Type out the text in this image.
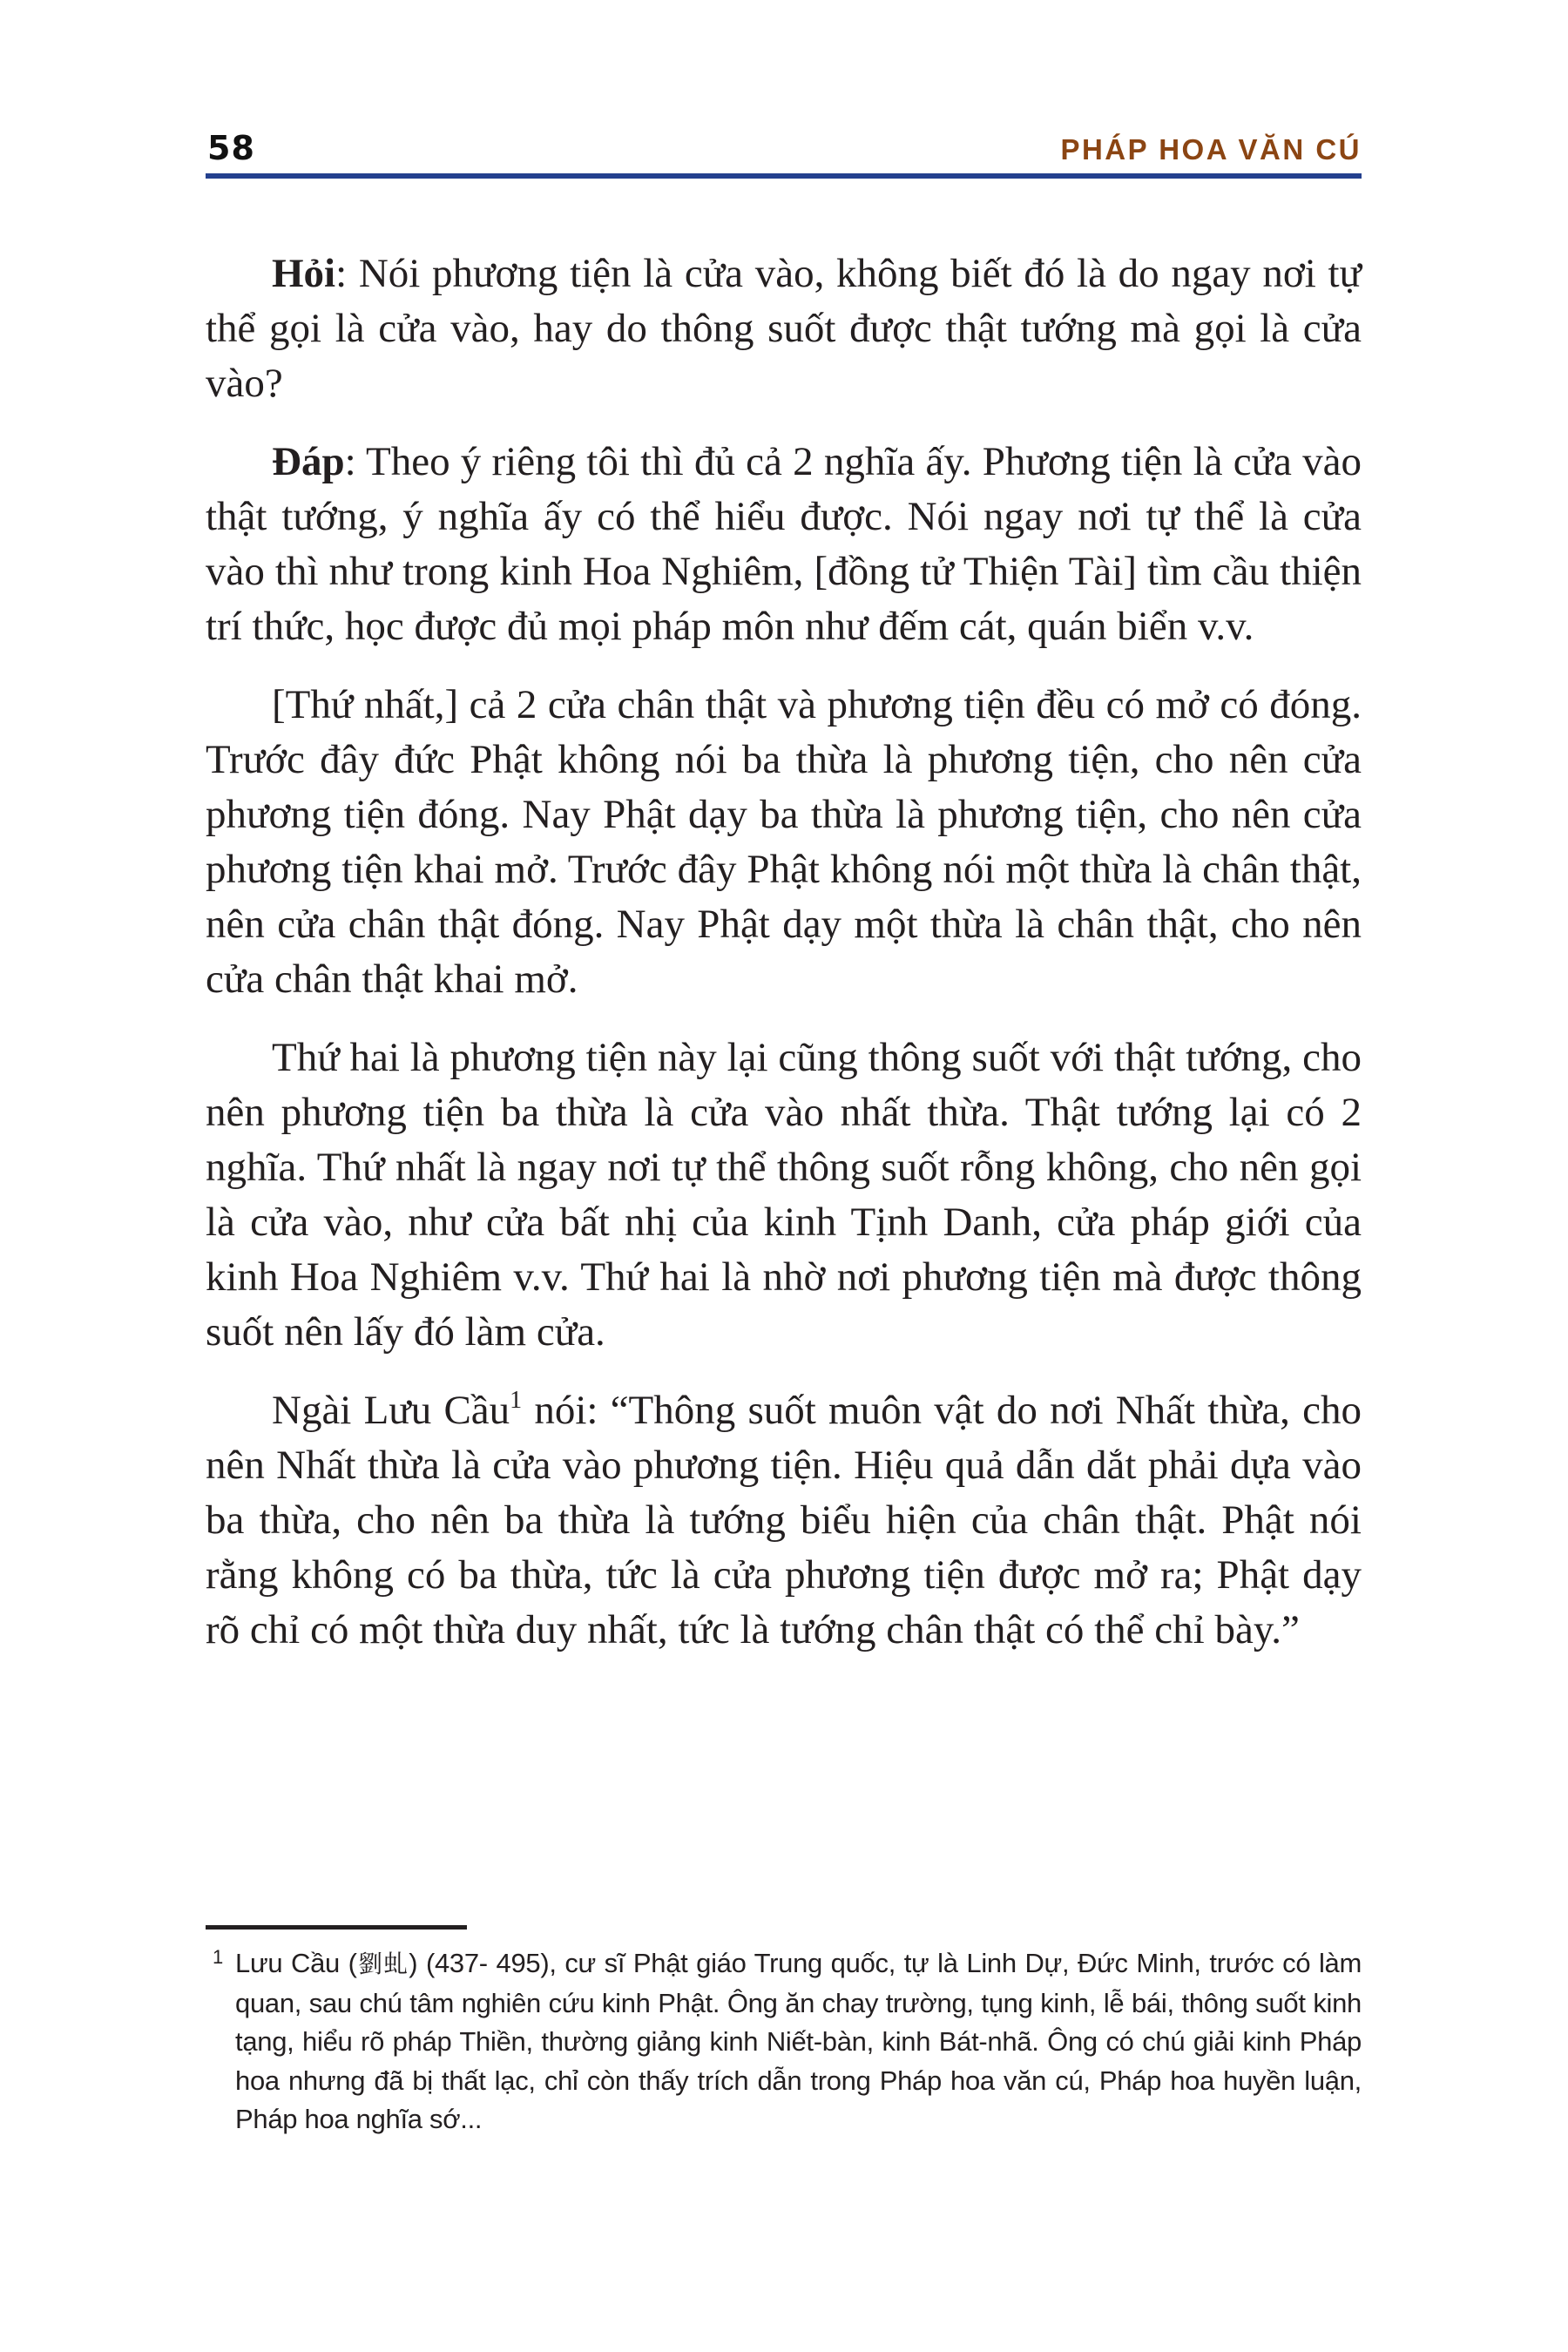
58	PHÁP HOA VĂN CÚ

Hỏi: Nói phương tiện là cửa vào, không biết đó là do ngay nơi tự thể gọi là cửa vào, hay do thông suốt được thật tướng mà gọi là cửa vào?

Đáp: Theo ý riêng tôi thì đủ cả 2 nghĩa ấy. Phương tiện là cửa vào thật tướng, ý nghĩa ấy có thể hiểu được. Nói ngay nơi tự thể là cửa vào thì như trong kinh Hoa Nghiêm, [đồng tử Thiện Tài] tìm cầu thiện trí thức, học được đủ mọi pháp môn như đếm cát, quán biển v.v.

[Thứ nhất,] cả 2 cửa chân thật và phương tiện đều có mở có đóng. Trước đây đức Phật không nói ba thừa là phương tiện, cho nên cửa phương tiện đóng. Nay Phật dạy ba thừa là phương tiện, cho nên cửa phương tiện khai mở. Trước đây Phật không nói một thừa là chân thật, nên cửa chân thật đóng. Nay Phật dạy một thừa là chân thật, cho nên cửa chân thật khai mở.

Thứ hai là phương tiện này lại cũng thông suốt với thật tướng, cho nên phương tiện ba thừa là cửa vào nhất thừa. Thật tướng lại có 2 nghĩa. Thứ nhất là ngay nơi tự thể thông suốt rỗng không, cho nên gọi là cửa vào, như cửa bất nhị của kinh Tịnh Danh, cửa pháp giới của kinh Hoa Nghiêm v.v. Thứ hai là nhờ nơi phương tiện mà được thông suốt nên lấy đó làm cửa.

Ngài Lưu Cầu$^1$ nói: “Thông suốt muôn vật do nơi Nhất thừa, cho nên Nhất thừa là cửa vào phương tiện. Hiệu quả dẫn dắt phải dựa vào ba thừa, cho nên ba thừa là tướng biểu hiện của chân thật. Phật nói rằng không có ba thừa, tức là cửa phương tiện được mở ra; Phật dạy rõ chỉ có một thừa duy nhất, tức là tướng chân thật có thể chỉ bày.”

1 Lưu Cầu (劉虬) (437- 495), cư sĩ Phật giáo Trung quốc, tự là Linh Dự, Đức Minh, trước có làm quan, sau chú tâm nghiên cứu kinh Phật. Ông ăn chay trường, tụng kinh, lễ bái, thông suốt kinh tạng, hiểu rõ pháp Thiền, thường giảng kinh Niết-bàn, kinh Bát-nhã. Ông có chú giải kinh Pháp hoa nhưng đã bị thất lạc, chỉ còn thấy trích dẫn trong Pháp hoa văn cú, Pháp hoa huyền luận, Pháp hoa nghĩa sớ...
